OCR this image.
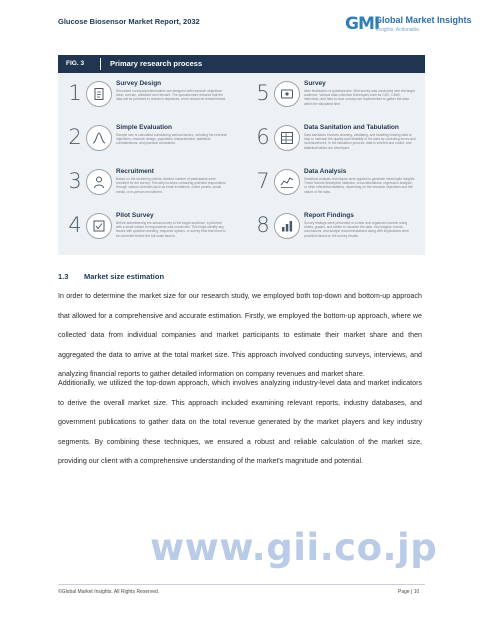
Glucose Biosensor Market Report, 2032	GMI
Global Market Insights
Insights. Actionable.
FIG. 3	Primary research process
1	Survey Design
Structured surveys/questionnaires are designed with research objectives clear, concise, unbiased and relevant. The questionnaire ensures that the data will be pertinent to research objectives, and it should be tested/refined.
2	Simple Evaluation
Sample size is calculated considering various factors, including the research objectives, research design, population characteristics, statistical considerations, and practical constraints.
3	Recruitment
Based on the screening criteria, desired number of participants were recruited for the survey. This step involves contacting potential respondents through various channels such as email invitations, online panels, social media, or in-person recruitment.
4	Pilot Survey
Before administering the actual survey to the target audience, a pilot test with a small subset of respondents was conducted. This helps identify any issues with question wording, response options, or survey flow that need to be corrected before the full-scale launch.
5	Survey
After finalization of questionnaire, field survey was conducted with the target audience. Various data collection techniques such as CATI, CAWI, interviews, and face-to-face surveys are implemented to gather the data within the stipulated time.
6	Data Sanitation and Tabulation
Data sanitation involves cleaning, validating, and handling missing data to help to maintain the quality and reliability of the data by correcting errors and inconsistencies. In the tabulation process, data is entered and coded, and statistical tables are developed.
7	Data Analysis
Statistical analysis techniques were applied to generate meaningful insights. These include descriptive statistics, cross-tabulations, regression analysis, or other inferential statistics, depending on the research objectives and the nature of the data.
8	Report Findings
Survey findings were presented in a clear and organized manner using charts, graphs, and tables to visualize the data. Key insights, trends, conclusions, and analyst recommendations along with implications were provided based on the survey results.
1.3 Market size estimation
In order to determine the market size for our research study, we employed both top-down and bottom-up approach that allowed for a comprehensive and accurate estimation. Firstly, we employed the bottom-up approach, where we collected data from individual companies and market participants to estimate their market share and then aggregated the data to arrive at the total market size. This approach involved conducting surveys, interviews, and analyzing financial reports to gather detailed information on company revenues and market share.
Additionally, we utilized the top-down approach, which involves analyzing industry-level data and market indicators to derive the overall market size. This approach included examining relevant reports, industry databases, and government publications to gather data on the total revenue generated by the market players and key industry segments. By combining these techniques, we ensured a robust and reliable calculation of the market size, providing our client with a comprehensive understanding of the market's magnitude and potential.
www.gii.co.jp
©Global Market Insights. All Rights Reserved.	Page | 10
